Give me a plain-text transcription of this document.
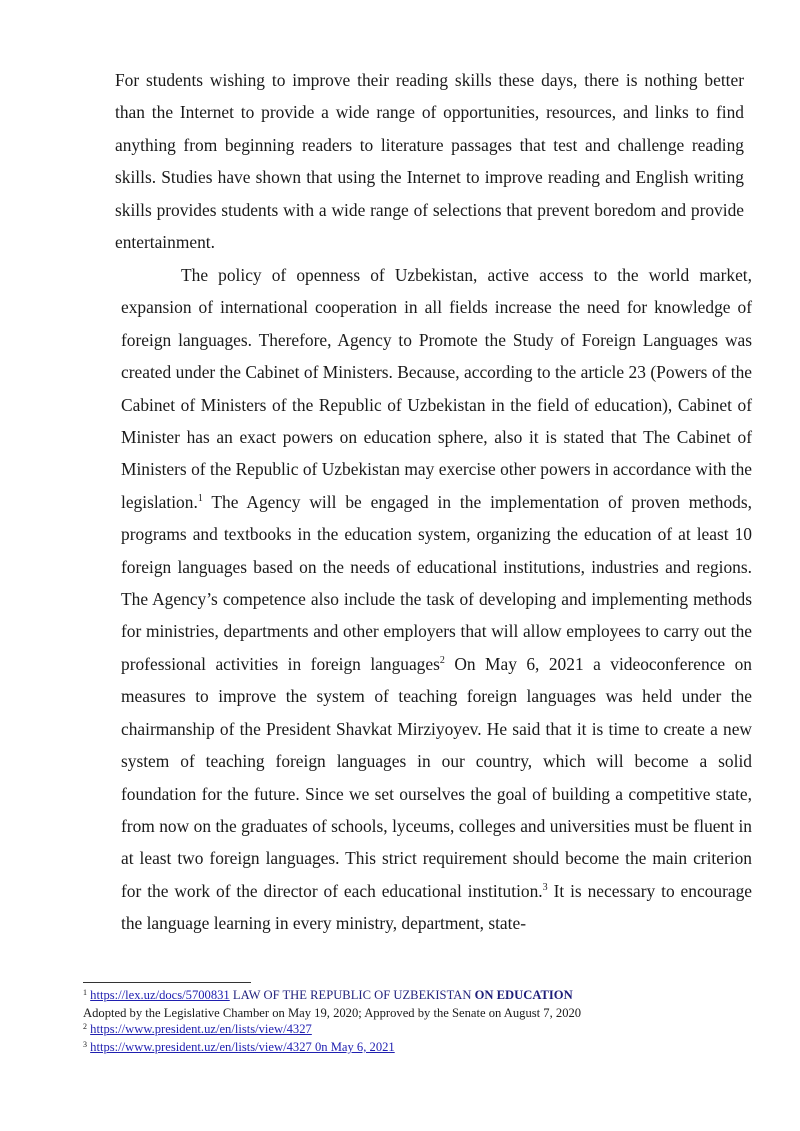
For students wishing to improve their reading skills these days, there is nothing better than the Internet to provide a wide range of opportunities, resources, and links to find anything from beginning readers to literature passages that test and challenge reading skills. Studies have shown that using the Internet to improve reading and English writing skills provides students with a wide range of selections that prevent boredom and provide entertainment.

The policy of openness of Uzbekistan, active access to the world market, expansion of international cooperation in all fields increase the need for knowledge of foreign languages. Therefore, Agency to Promote the Study of Foreign Languages was created under the Cabinet of Ministers. Because, according to the article 23 (Powers of the Cabinet of Ministers of the Republic of Uzbekistan in the field of education), Cabinet of Minister has an exact powers on education sphere, also it is stated that The Cabinet of Ministers of the Republic of Uzbekistan may exercise other powers in accordance with the legislation.$^1$ The Agency will be engaged in the implementation of proven methods, programs and textbooks in the education system, organizing the education of at least 10 foreign languages based on the needs of educational institutions, industries and regions. The Agency’s competence also include the task of developing and implementing methods for ministries, departments and other employers that will allow employees to carry out the professional activities in foreign languages$^2$ On May 6, 2021 a videoconference on measures to improve the system of teaching foreign languages was held under the chairmanship of the President Shavkat Mirziyoyev. He said that it is time to create a new system of teaching foreign languages in our country, which will become a solid foundation for the future. Since we set ourselves the goal of building a competitive state, from now on the graduates of schools, lyceums, colleges and universities must be fluent in at least two foreign languages. This strict requirement should become the main criterion for the work of the director of each educational institution.$^3$ It is necessary to encourage the language learning in every ministry, department, state-

$^1$ https://lex.uz/docs/5700831 LAW OF THE REPUBLIC OF UZBEKISTAN ON EDUCATION
Adopted by the Legislative Chamber on May 19, 2020; Approved by the Senate on August 7, 2020
$^2$ https://www.president.uz/en/lists/view/4327
$^3$ https://www.president.uz/en/lists/view/4327 0n May 6, 2021
